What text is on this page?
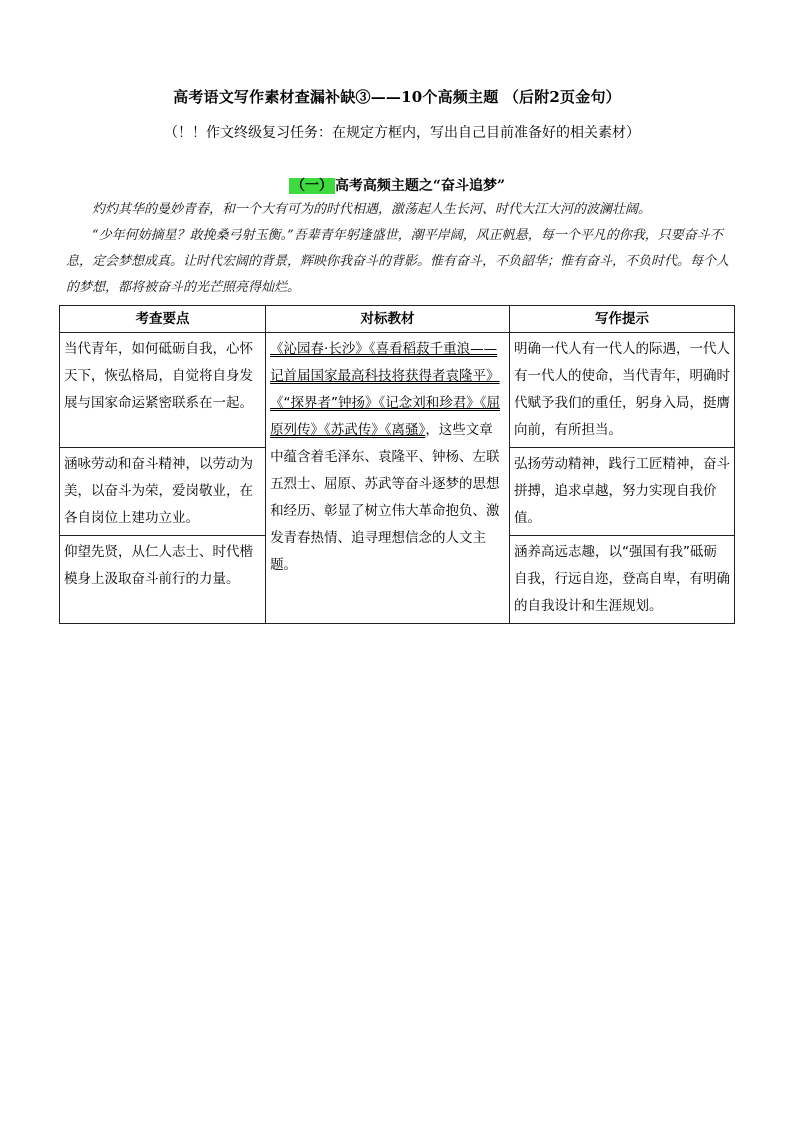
高考语文写作素材查漏补缺③——10个高频主题 （后附2页金句）
（！！作文终级复习任务：在规定方框内，写出自己目前准备好的相关素材）
（一） 高考高频主题之“奋斗追梦”
灼灼其华的曼妙青春，和一个大有可为的时代相遇，激荡起人生长河、时代大江大河的波澜壮阔。
“少年何妨摘星？敢挽桑弓射玉衡。”吾辈青年躬逢盛世，潮平岸阔，风正帆悬，每一个平凡的你我，只要奋斗不息，定会梦想成真。让时代宏阔的背景，辉映你我奋斗的背影。惟有奋斗，不负韶华；惟有奋斗，不负时代。每个人的梦想，都将被奋斗的光芒照亮得灿烂。
考查要点	对标教材	写作提示
当代青年，如何砥砺自我，心怀天下，恢弘格局，自觉将自身发展与国家命运紧密联系在一起。	《沁园春·长沙》《喜看稻菽千重浪——记首届国家最高科技将获得者袁隆平》《“探界者”钟扬》《记念刘和珍君》《屈原列传》《苏武传》《离骚》，这些文章中蕴含着毛泽东、袁隆平、钟杨、左联五烈士、屈原、苏武等奋斗逐梦的思想和经历、彰显了树立伟大革命抱负、激发青春热情、追寻理想信念的人文主题。	明确一代人有一代人的际遇，一代人有一代人的使命，当代青年，明确时代赋予我们的重任，躬身入局，挺膺向前，有所担当。
涵咏劳动和奋斗精神，以劳动为美，以奋斗为荣，爱岗敬业，在各自岗位上建功立业。		弘扬劳动精神，践行工匠精神，奋斗拼搏，追求卓越，努力实现自我价值。
仰望先贤，从仁人志士、时代楷模身上汲取奋斗前行的力量。		涵养高远志趣，以“强国有我”砥砺自我，行远自迩，登高自卑，有明确的自我设计和生涯规划。
